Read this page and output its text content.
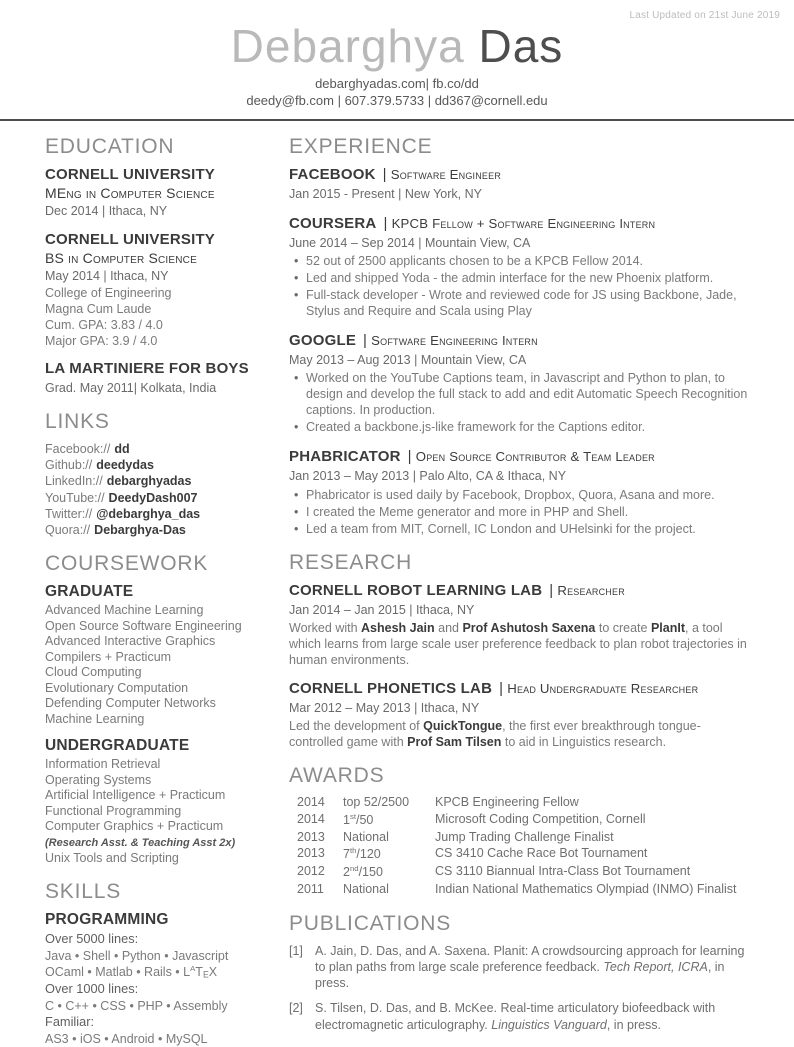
Last Updated on 21st June 2019
Debarghya Das
debarghyadas.com| fb.co/dd
deedy@fb.com | 607.379.5733 | dd367@cornell.edu
EDUCATION
CORNELL UNIVERSITY
MEng in Computer Science
Dec 2014 | Ithaca, NY
CORNELL UNIVERSITY
BS in Computer Science
May 2014 | Ithaca, NY
College of Engineering
Magna Cum Laude
Cum. GPA: 3.83 / 4.0
Major GPA: 3.9 / 4.0
LA MARTINIERE FOR BOYS
Grad. May 2011| Kolkata, India
LINKS
Facebook:// dd
Github:// deedydas
LinkedIn:// debarghyadas
YouTube:// DeedyDash007
Twitter:// @debarghya_das
Quora:// Debarghya-Das
COURSEWORK
GRADUATE
Advanced Machine Learning
Open Source Software Engineering
Advanced Interactive Graphics
Compilers + Practicum
Cloud Computing
Evolutionary Computation
Defending Computer Networks
Machine Learning
UNDERGRADUATE
Information Retrieval
Operating Systems
Artificial Intelligence + Practicum
Functional Programming
Computer Graphics + Practicum
(Research Asst. & Teaching Asst 2x)
Unix Tools and Scripting
SKILLS
PROGRAMMING
Over 5000 lines:
Java • Shell • Python • Javascript
OCaml • Matlab • Rails • $L^AT_EX$
Over 1000 lines:
C • C++ • CSS • PHP • Assembly
Familiar:
AS3 • iOS • Android • MySQL
EXPERIENCE
FACEBOOK | Software Engineer
Jan 2015 - Present | New York, NY
COURSERA | KPCB Fellow + Software Engineering Intern
June 2014 – Sep 2014 | Mountain View, CA
• 52 out of 2500 applicants chosen to be a KPCB Fellow 2014.
• Led and shipped Yoda - the admin interface for the new Phoenix platform.
• Full-stack developer - Wrote and reviewed code for JS using Backbone, Jade, Stylus and Require and Scala using Play
GOOGLE | Software Engineering Intern
May 2013 – Aug 2013 | Mountain View, CA
• Worked on the YouTube Captions team, in Javascript and Python to plan, to design and develop the full stack to add and edit Automatic Speech Recognition captions. In production.
• Created a backbone.js-like framework for the Captions editor.
PHABRICATOR | Open Source Contributor & Team Leader
Jan 2013 – May 2013 | Palo Alto, CA & Ithaca, NY
• Phabricator is used daily by Facebook, Dropbox, Quora, Asana and more.
• I created the Meme generator and more in PHP and Shell.
• Led a team from MIT, Cornell, IC London and UHelsinki for the project.
RESEARCH
CORNELL ROBOT LEARNING LAB | Researcher
Jan 2014 – Jan 2015 | Ithaca, NY
Worked with Ashesh Jain and Prof Ashutosh Saxena to create PlanIt, a tool which learns from large scale user preference feedback to plan robot trajectories in human environments.
CORNELL PHONETICS LAB | Head Undergraduate Researcher
Mar 2012 – May 2013 | Ithaca, NY
Led the development of QuickTongue, the first ever breakthrough tongue-controlled game with Prof Sam Tilsen to aid in Linguistics research.
AWARDS
2014	top 52/2500	KPCB Engineering Fellow
2014	1st/50	Microsoft Coding Competition, Cornell
2013	National	Jump Trading Challenge Finalist
2013	7th/120	CS 3410 Cache Race Bot Tournament
2012	2nd/150	CS 3110 Biannual Intra-Class Bot Tournament
2011	National	Indian National Mathematics Olympiad (INMO) Finalist
PUBLICATIONS
[1] A. Jain, D. Das, and A. Saxena. Planit: A crowdsourcing approach for learning to plan paths from large scale preference feedback. Tech Report, ICRA, in press.
[2] S. Tilsen, D. Das, and B. McKee. Real-time articulatory biofeedback with electromagnetic articulography. Linguistics Vanguard, in press.
